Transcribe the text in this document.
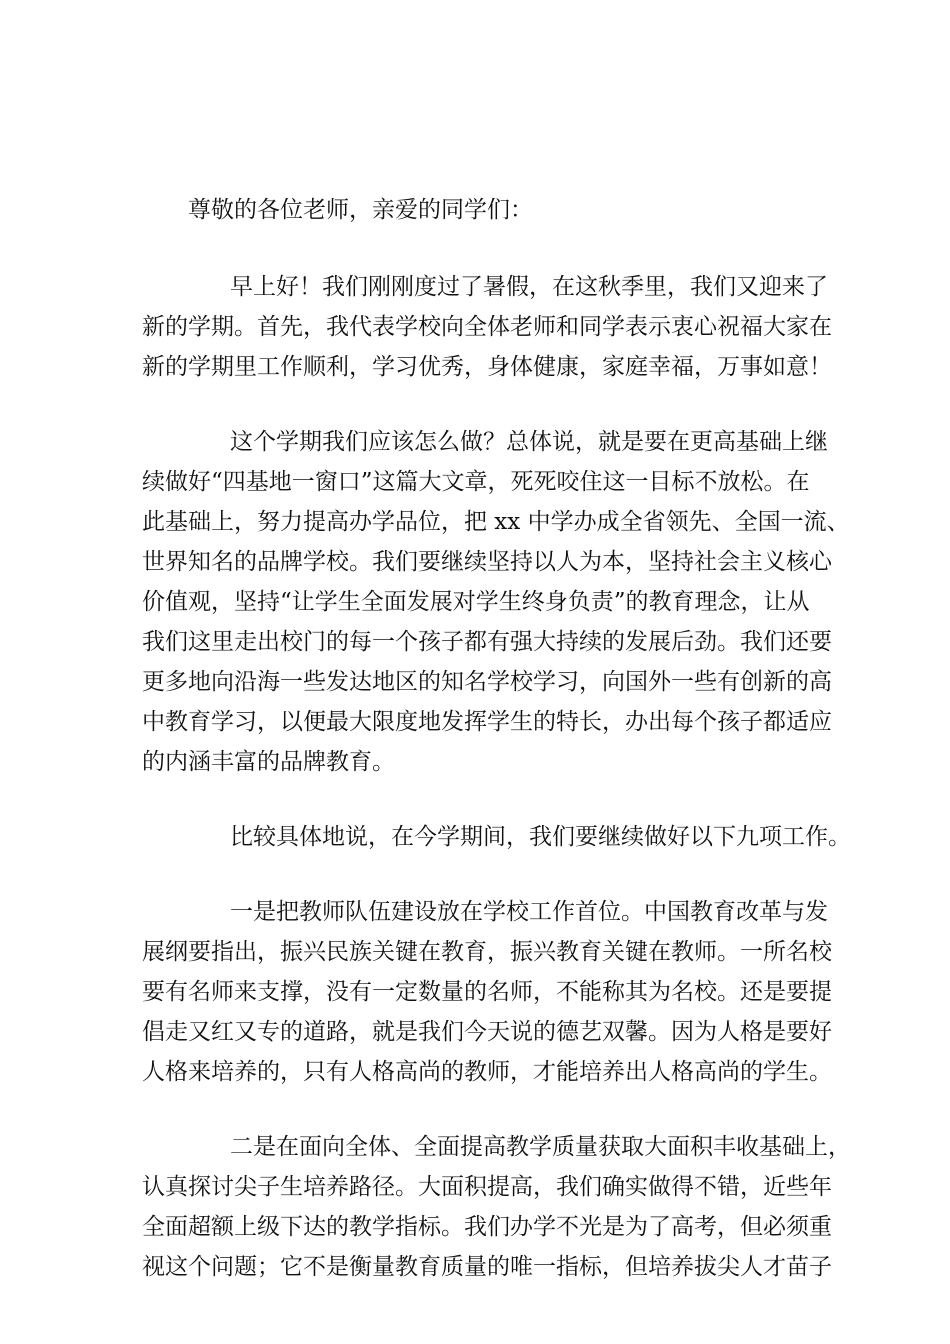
尊敬的各位老师，亲爱的同学们：
早上好！我们刚刚度过了暑假，在这秋季里，我们又迎来了
新的学期。首先，我代表学校向全体老师和同学表示衷心祝福大家在
新的学期里工作顺利，学习优秀，身体健康，家庭幸福，万事如意！
这个学期我们应该怎么做？总体说，就是要在更高基础上继
续做好“四基地一窗口”这篇大文章，死死咬住这一目标不放松。在
此基础上，努力提高办学品位，把 xx 中学办成全省领先、全国一流、
世界知名的品牌学校。我们要继续坚持以人为本，坚持社会主义核心
价值观，坚持“让学生全面发展对学生终身负责”的教育理念，让从
我们这里走出校门的每一个孩子都有强大持续的发展后劲。我们还要
更多地向沿海一些发达地区的知名学校学习，向国外一些有创新的高
中教育学习，以便最大限度地发挥学生的特长，办出每个孩子都适应
的内涵丰富的品牌教育。
比较具体地说，在今学期间，我们要继续做好以下九项工作。
一是把教师队伍建设放在学校工作首位。中国教育改革与发
展纲要指出，振兴民族关键在教育，振兴教育关键在教师。一所名校
要有名师来支撑，没有一定数量的名师，不能称其为名校。还是要提
倡走又红又专的道路，就是我们今天说的德艺双馨。因为人格是要好
人格来培养的，只有人格高尚的教师，才能培养出人格高尚的学生。
二是在面向全体、全面提高教学质量获取大面积丰收基础上，
认真探讨尖子生培养路径。大面积提高，我们确实做得不错，近些年
全面超额上级下达的教学指标。我们办学不光是为了高考，但必须重
视这个问题；它不是衡量教育质量的唯一指标，但培养拔尖人才苗子
